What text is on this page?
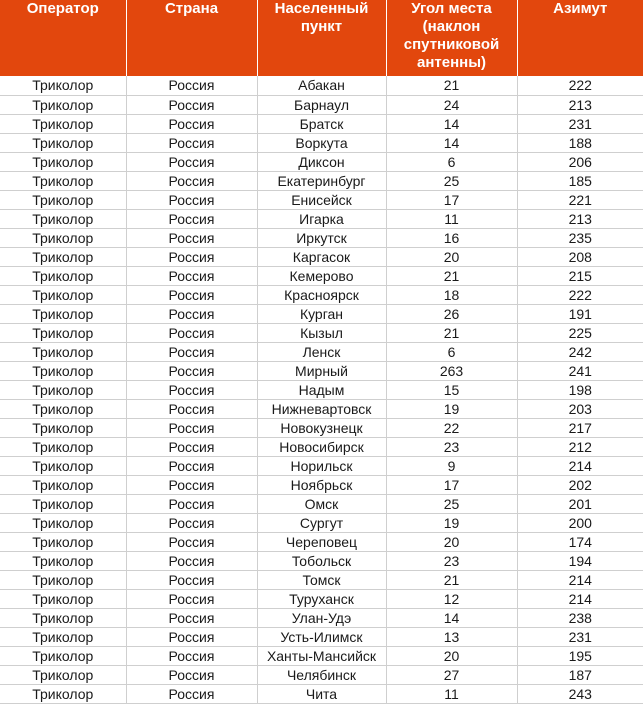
Оператор	Страна	Населенный пункт	Угол места (наклон спутниковой антенны)	Азимут
Триколор	Россия	Абакан	21	222
Триколор	Россия	Барнаул	24	213
Триколор	Россия	Братск	14	231
Триколор	Россия	Воркута	14	188
Триколор	Россия	Диксон	6	206
Триколор	Россия	Екатеринбург	25	185
Триколор	Россия	Енисейск	17	221
Триколор	Россия	Игарка	11	213
Триколор	Россия	Иркутск	16	235
Триколор	Россия	Каргасок	20	208
Триколор	Россия	Кемерово	21	215
Триколор	Россия	Красноярск	18	222
Триколор	Россия	Курган	26	191
Триколор	Россия	Кызыл	21	225
Триколор	Россия	Ленск	6	242
Триколор	Россия	Мирный	263	241
Триколор	Россия	Надым	15	198
Триколор	Россия	Нижневартовск	19	203
Триколор	Россия	Новокузнецк	22	217
Триколор	Россия	Новосибирск	23	212
Триколор	Россия	Норильск	9	214
Триколор	Россия	Ноябрьск	17	202
Триколор	Россия	Омск	25	201
Триколор	Россия	Сургут	19	200
Триколор	Россия	Череповец	20	174
Триколор	Россия	Тобольск	23	194
Триколор	Россия	Томск	21	214
Триколор	Россия	Туруханск	12	214
Триколор	Россия	Улан-Удэ	14	238
Триколор	Россия	Усть-Илимск	13	231
Триколор	Россия	Ханты-Мансийск	20	195
Триколор	Россия	Челябинск	27	187
Триколор	Россия	Чита	11	243
